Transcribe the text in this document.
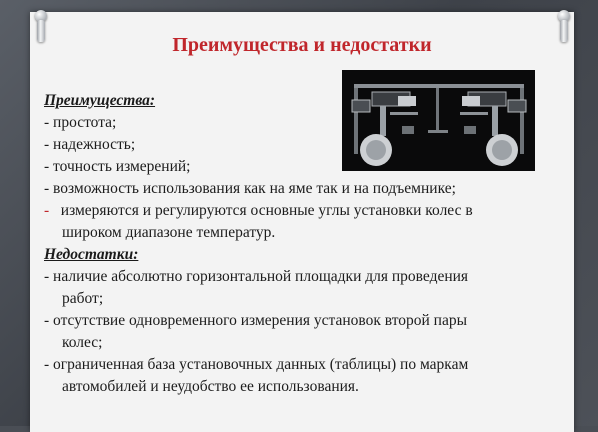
Преимущества и недостатки
Преимущества:
- простота;
- надежность;
- точность измерений;
- возможность использования как на яме так и на подъемнике;
- измеряются и регулируются основные углы установки колес в
широком диапазоне температур.
Недостатки:
- наличие абсолютно горизонтальной площадки для проведения
работ;
- отсутствие одновременного измерения установок второй пары
колес;
- ограниченная база установочных данных (таблицы) по маркам
автомобилей и неудобство ее использования.
